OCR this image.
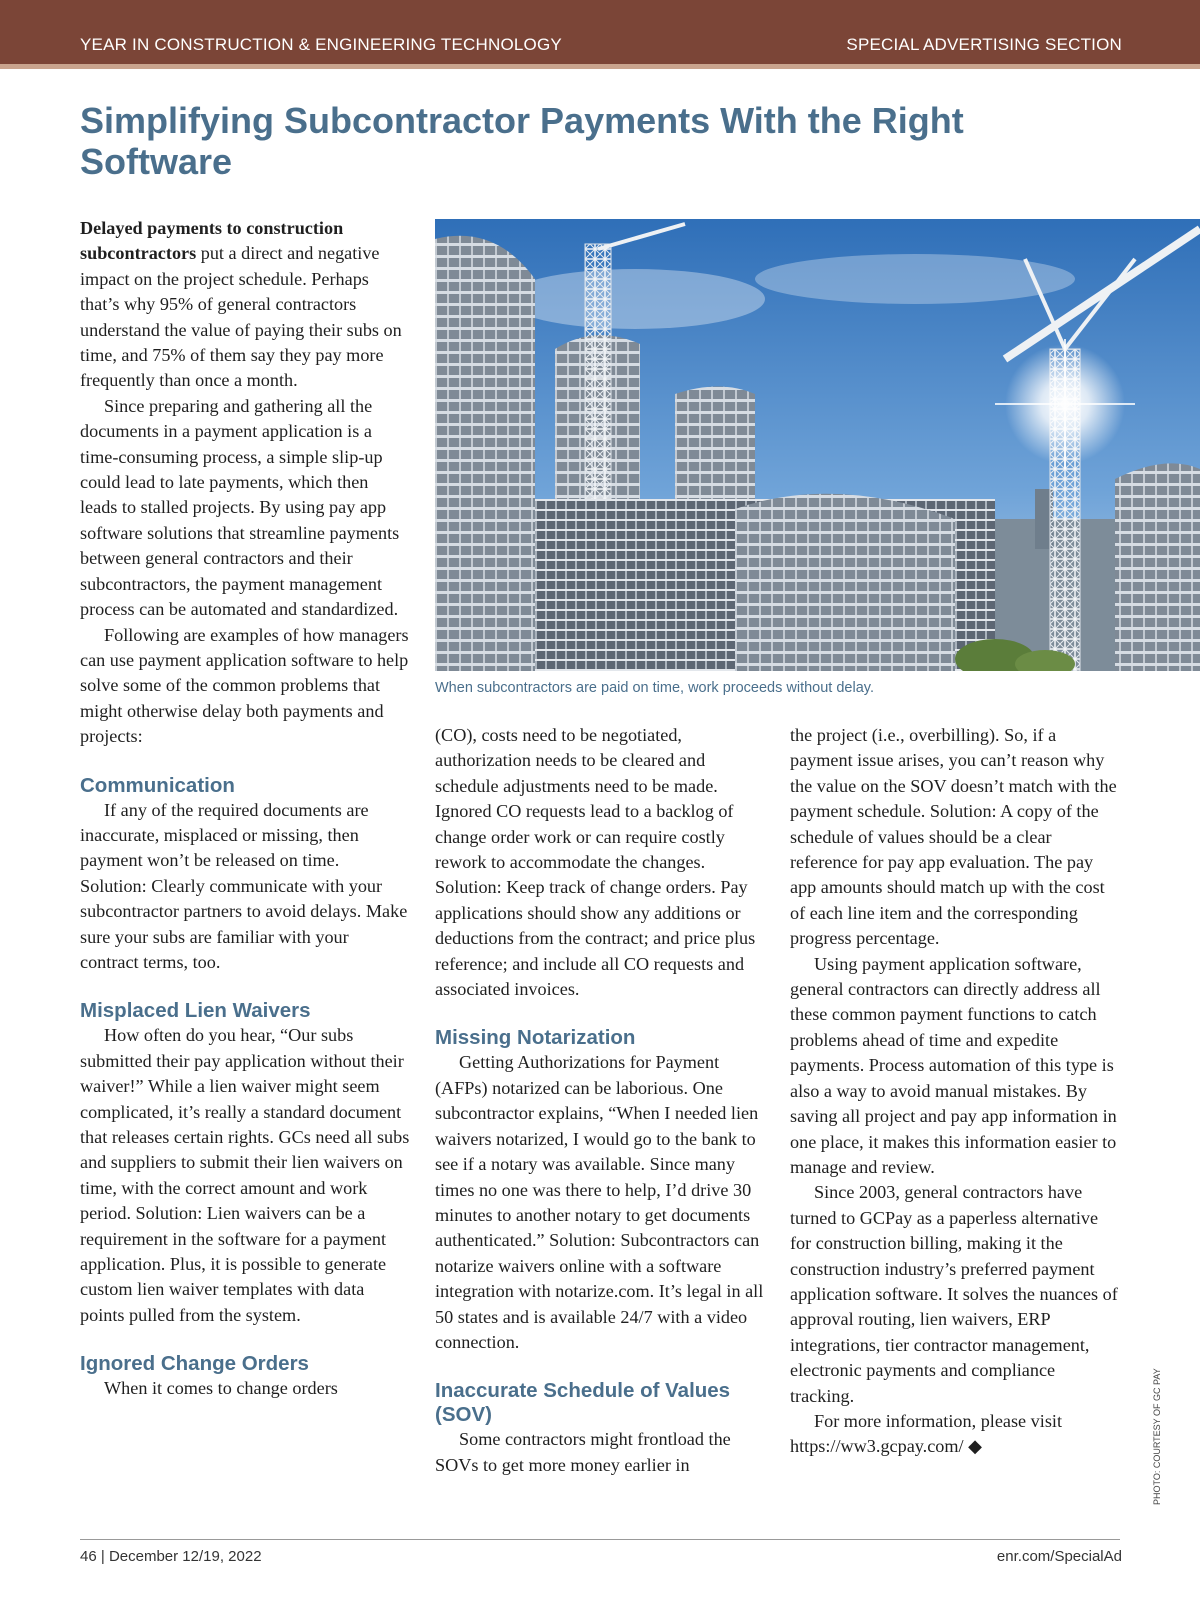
YEAR IN CONSTRUCTION & ENGINEERING TECHNOLOGY	SPECIAL ADVERTISING SECTION
Simplifying Subcontractor Payments With the Right Software

Delayed payments to construction subcontractors put a direct and negative impact on the project schedule. Perhaps that’s why 95% of general contractors understand the value of paying their subs on time, and 75% of them say they pay more frequently than once a month.

Since preparing and gathering all the documents in a payment application is a time-consuming process, a simple slip-up could lead to late payments, which then leads to stalled projects. By using pay app software solutions that streamline payments between general contractors and their subcontractors, the payment management process can be automated and standardized.

Following are examples of how managers can use payment application software to help solve some of the common problems that might otherwise delay both payments and projects:

Communication

If any of the required documents are inaccurate, misplaced or missing, then payment won’t be released on time. Solution: Clearly communicate with your subcontractor partners to avoid delays. Make sure your subs are familiar with your contract terms, too.

Misplaced Lien Waivers

How often do you hear, “Our subs submitted their pay application without their waiver!” While a lien waiver might seem complicated, it’s really a standard document that releases certain rights. GCs need all subs and suppliers to submit their lien waivers on time, with the correct amount and work period. Solution: Lien waivers can be a requirement in the software for a payment application. Plus, it is possible to generate custom lien waiver templates with data points pulled from the system.

Ignored Change Orders

When it comes to change orders

When subcontractors are paid on time, work proceeds without delay.

(CO), costs need to be negotiated, authorization needs to be cleared and schedule adjustments need to be made. Ignored CO requests lead to a backlog of change order work or can require costly rework to accommodate the changes. Solution: Keep track of change orders. Pay applications should show any additions or deductions from the contract; and price plus reference; and include all CO requests and associated invoices.

Missing Notarization

Getting Authorizations for Payment (AFPs) notarized can be laborious. One subcontractor explains, “When I needed lien waivers notarized, I would go to the bank to see if a notary was available. Since many times no one was there to help, I’d drive 30 minutes to another notary to get documents authenticated.” Solution: Subcontractors can notarize waivers online with a software integration with notarize.com. It’s legal in all 50 states and is available 24/7 with a video connection.

Inaccurate Schedule of Values (SOV)

Some contractors might frontload the SOVs to get more money earlier in

the project (i.e., overbilling). So, if a payment issue arises, you can’t reason why the value on the SOV doesn’t match with the payment schedule. Solution: A copy of the schedule of values should be a clear reference for pay app evaluation. The pay app amounts should match up with the cost of each line item and the corresponding progress percentage.

Using payment application software, general contractors can directly address all these common payment functions to catch problems ahead of time and expedite payments. Process automation of this type is also a way to avoid manual mistakes. By saving all project and pay app information in one place, it makes this information easier to manage and review.

Since 2003, general contractors have turned to GCPay as a paperless alternative for construction billing, making it the construction industry’s preferred payment application software. It solves the nuances of approval routing, lien waivers, ERP integrations, tier contractor management, electronic payments and compliance tracking.

For more information, please visit https://ww3.gcpay.com/ ◆	PHOTO: COURTESY OF GC PAY

46 | December 12/19, 2022	enr.com/SpecialAd
